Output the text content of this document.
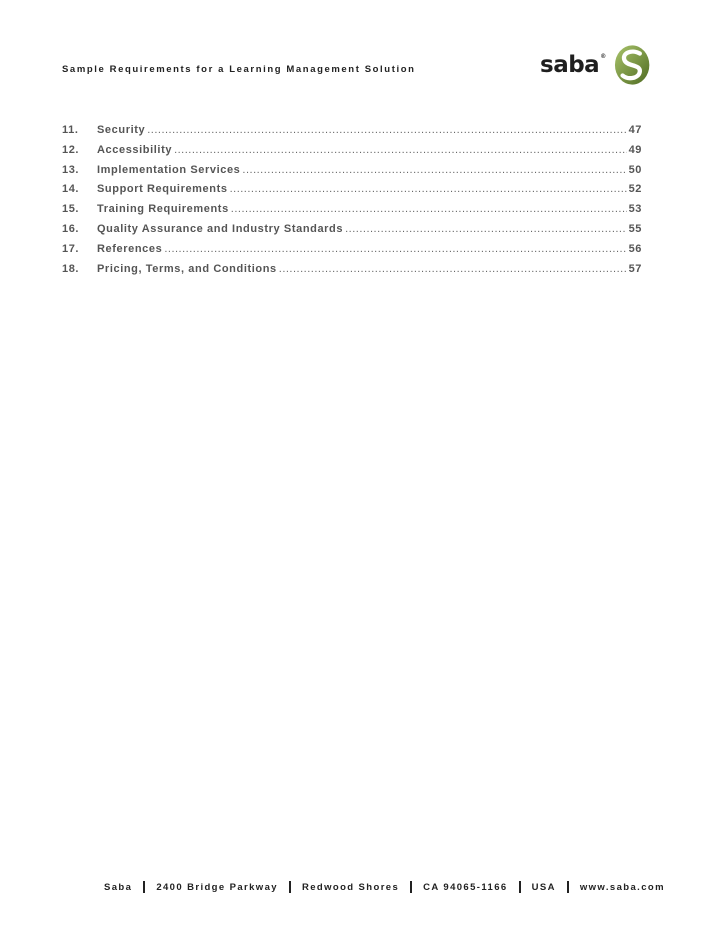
Sample Requirements for a Learning Management Solution	saba®
11.	Security .....	47
12.	Accessibility .....	49
13.	Implementation Services .....	50
14.	Support Requirements .....	52
15.	Training Requirements .....	53
16.	Quality Assurance and Industry Standards .....	55
17.	References .....	56
18.	Pricing, Terms, and Conditions .....	57
Saba	2400 Bridge Parkway	Redwood Shores	CA 94065-1166	USA	www.saba.com
